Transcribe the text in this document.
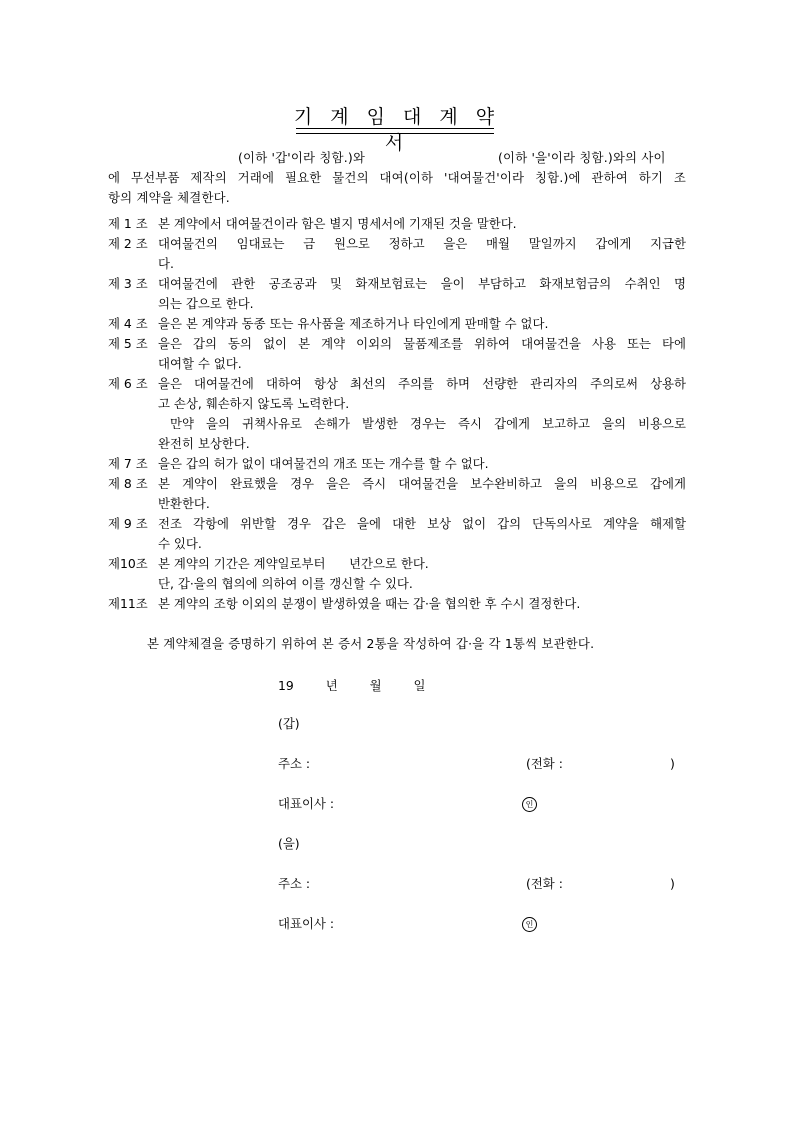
기 계 임 대 계 약 서
(이하 '갑'이라 칭함.)와	(이하 '을'이라 칭함.)와의 사이
에 무선부품 제작의 거래에 필요한 물건의 대여(이하 '대여물건'이라 칭함.)에 관하여 하기 조
항의 계약을 체결한다.
제 1 조 본 계약에서 대여물건이라 함은 별지 명세서에 기재된 것을 말한다.
제 2 조 대여물건의 임대료는 금 원으로 정하고 을은 매월 말일까지 갑에게 지급한
다.
제 3 조 대여물건에 관한 공조공과 및 화재보험료는 을이 부담하고 화재보험금의 수취인 명
의는 갑으로 한다.
제 4 조 을은 본 계약과 동종 또는 유사품을 제조하거나 타인에게 판매할 수 없다.
제 5 조 을은 갑의 동의 없이 본 계약 이외의 물품제조를 위하여 대여물건을 사용 또는 타에
대여할 수 없다.
제 6 조 을은 대여물건에 대하여 항상 최선의 주의를 하며 선량한 관리자의 주의로써 상용하
고 손상, 훼손하지 않도록 노력한다.
만약 을의 귀책사유로 손해가 발생한 경우는 즉시 갑에게 보고하고 을의 비용으로
완전히 보상한다.
제 7 조 을은 갑의 허가 없이 대여물건의 개조 또는 개수를 할 수 없다.
제 8 조 본 계약이 완료했을 경우 을은 즉시 대여물건을 보수완비하고 을의 비용으로 갑에게
반환한다.
제 9 조 전조 각항에 위반할 경우 갑은 을에 대한 보상 없이 갑의 단독의사로 계약을 해제할
수 있다.
제10조 본 계약의 기간은 계약일로부터      년간으로 한다.
단, 갑·을의 협의에 의하여 이를 갱신할 수 있다.
제11조 본 계약의 조항 이외의 분쟁이 발생하였을 때는 갑·을 협의한 후 수시 결정한다.
본 계약체결을 증명하기 위하여 본 증서 2통을 작성하여 갑·을 각 1통씩 보관한다.
19	년	월	일
(갑)
주소 :	(전화 :	)
대표이사 :	인
(을)
주소 :	(전화 :	)
대표이사 :	인
